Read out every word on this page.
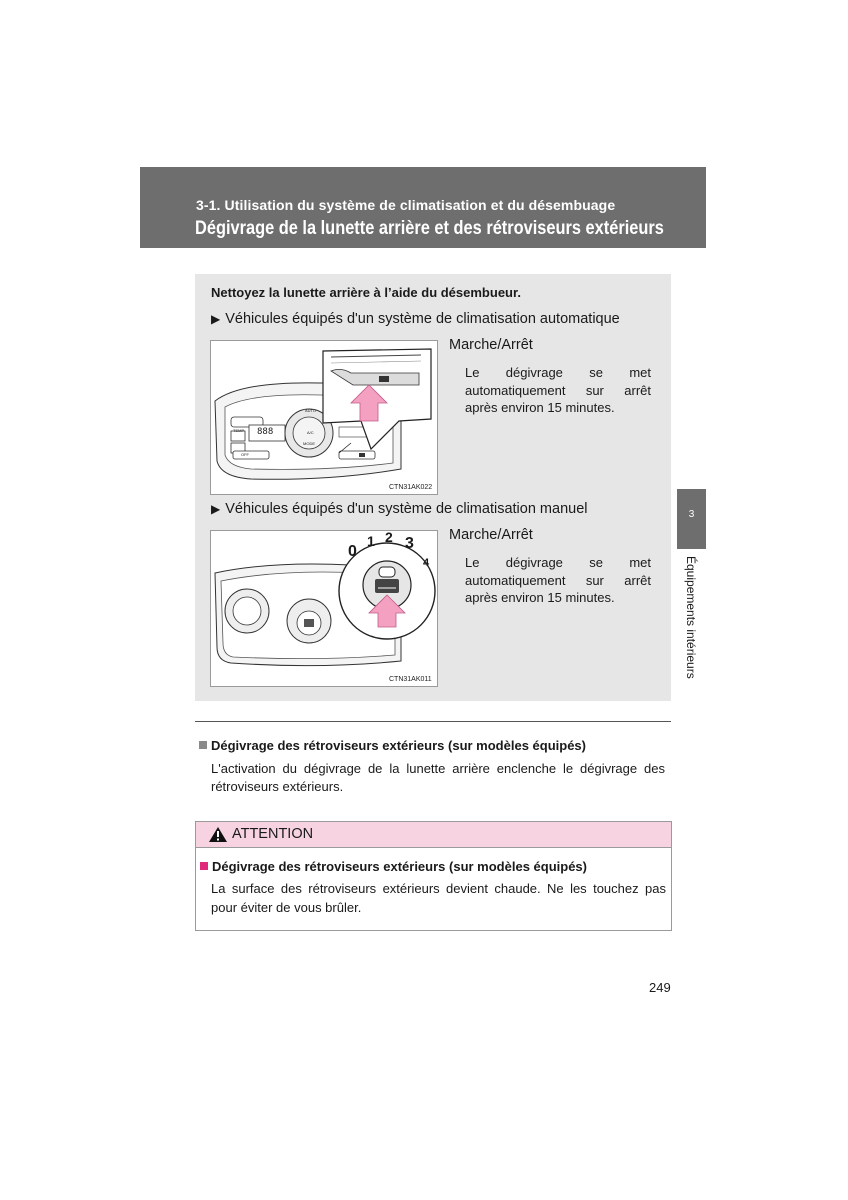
3-1. Utilisation du système de climatisation et du désembuage
Dégivrage de la lunette arrière et des rétroviseurs extérieurs
Nettoyez la lunette arrière à l’aide du désembueur.
▶ Véhicules équipés d'un système de climatisation automatique
AUTO
TEMP 888	A/C
MODE
OFF
CTN31AK022
Marche/Arrêt
Le dégivrage se met automatiquement sur arrêt après environ 15 minutes.
▶ Véhicules équipés d'un système de climatisation manuel
0
1 2 3
4
CTN31AK011
Marche/Arrêt
Le dégivrage se met automatiquement sur arrêt après environ 15 minutes.
Dégivrage des rétroviseurs extérieurs (sur modèles équipés)
L'activation du dégivrage de la lunette arrière enclenche le dégivrage des rétroviseurs extérieurs.
ATTENTION
Dégivrage des rétroviseurs extérieurs (sur modèles équipés)
La surface des rétroviseurs extérieurs devient chaude. Ne les touchez pas pour éviter de vous brûler.
249
3
Équipements intérieurs
